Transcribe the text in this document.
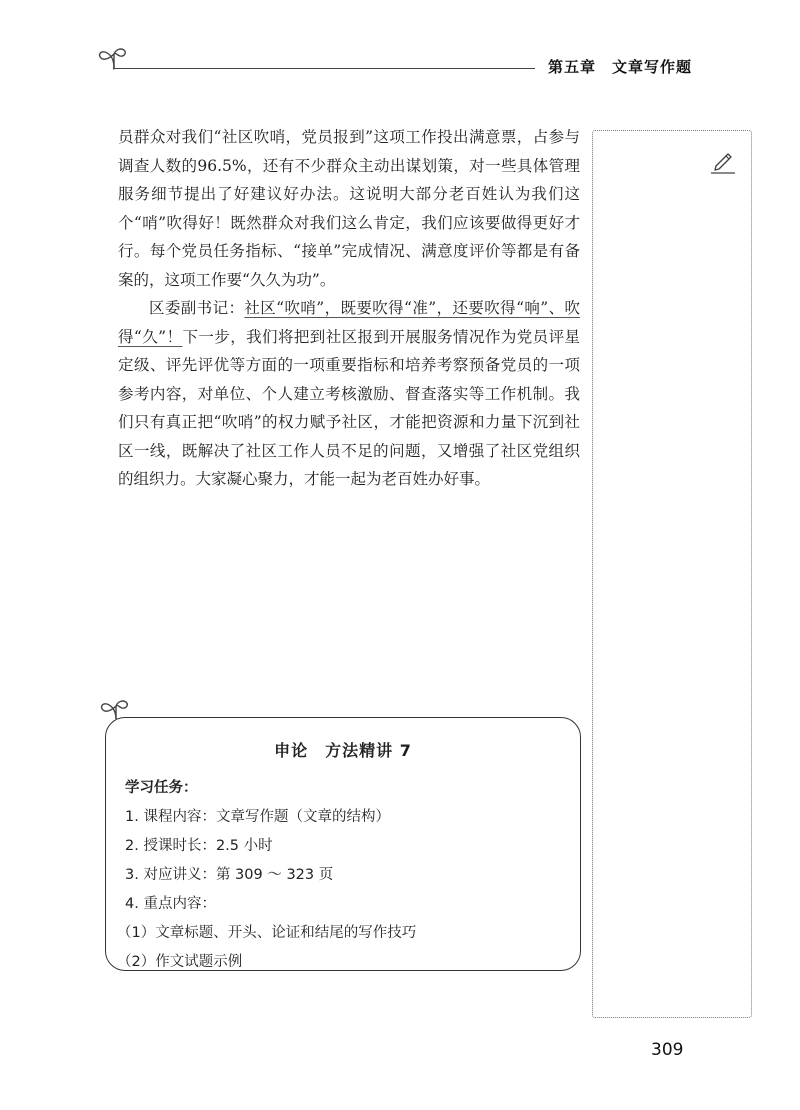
第五章 文章写作题

员群众对我们“社区吹哨，党员报到”这项工作投出满意票，占参与调查人数的96.5%，还有不少群众主动出谋划策，对一些具体管理服务细节提出了好建议好办法。这说明大部分老百姓认为我们这个“哨”吹得好！既然群众对我们这么肯定，我们应该要做得更好才行。每个党员任务指标、“接单”完成情况、满意度评价等都是有备案的，这项工作要“久久为功”。

区委副书记：社区“吹哨”，既要吹得“准”，还要吹得“响”、吹得“久”！下一步，我们将把到社区报到开展服务情况作为党员评星定级、评先评优等方面的一项重要指标和培养考察预备党员的一项参考内容，对单位、个人建立考核激励、督查落实等工作机制。我们只有真正把“吹哨”的权力赋予社区，才能把资源和力量下沉到社区一线，既解决了社区工作人员不足的问题，又增强了社区党组织的组织力。大家凝心聚力，才能一起为老百姓办好事。

申论　方法精讲 7
学习任务：
1. 课程内容：文章写作题（文章的结构）
2. 授课时长：2.5 小时
3. 对应讲义：第 309 ～ 323 页
4. 重点内容：
（1）文章标题、开头、论证和结尾的写作技巧
（2）作文试题示例
309
